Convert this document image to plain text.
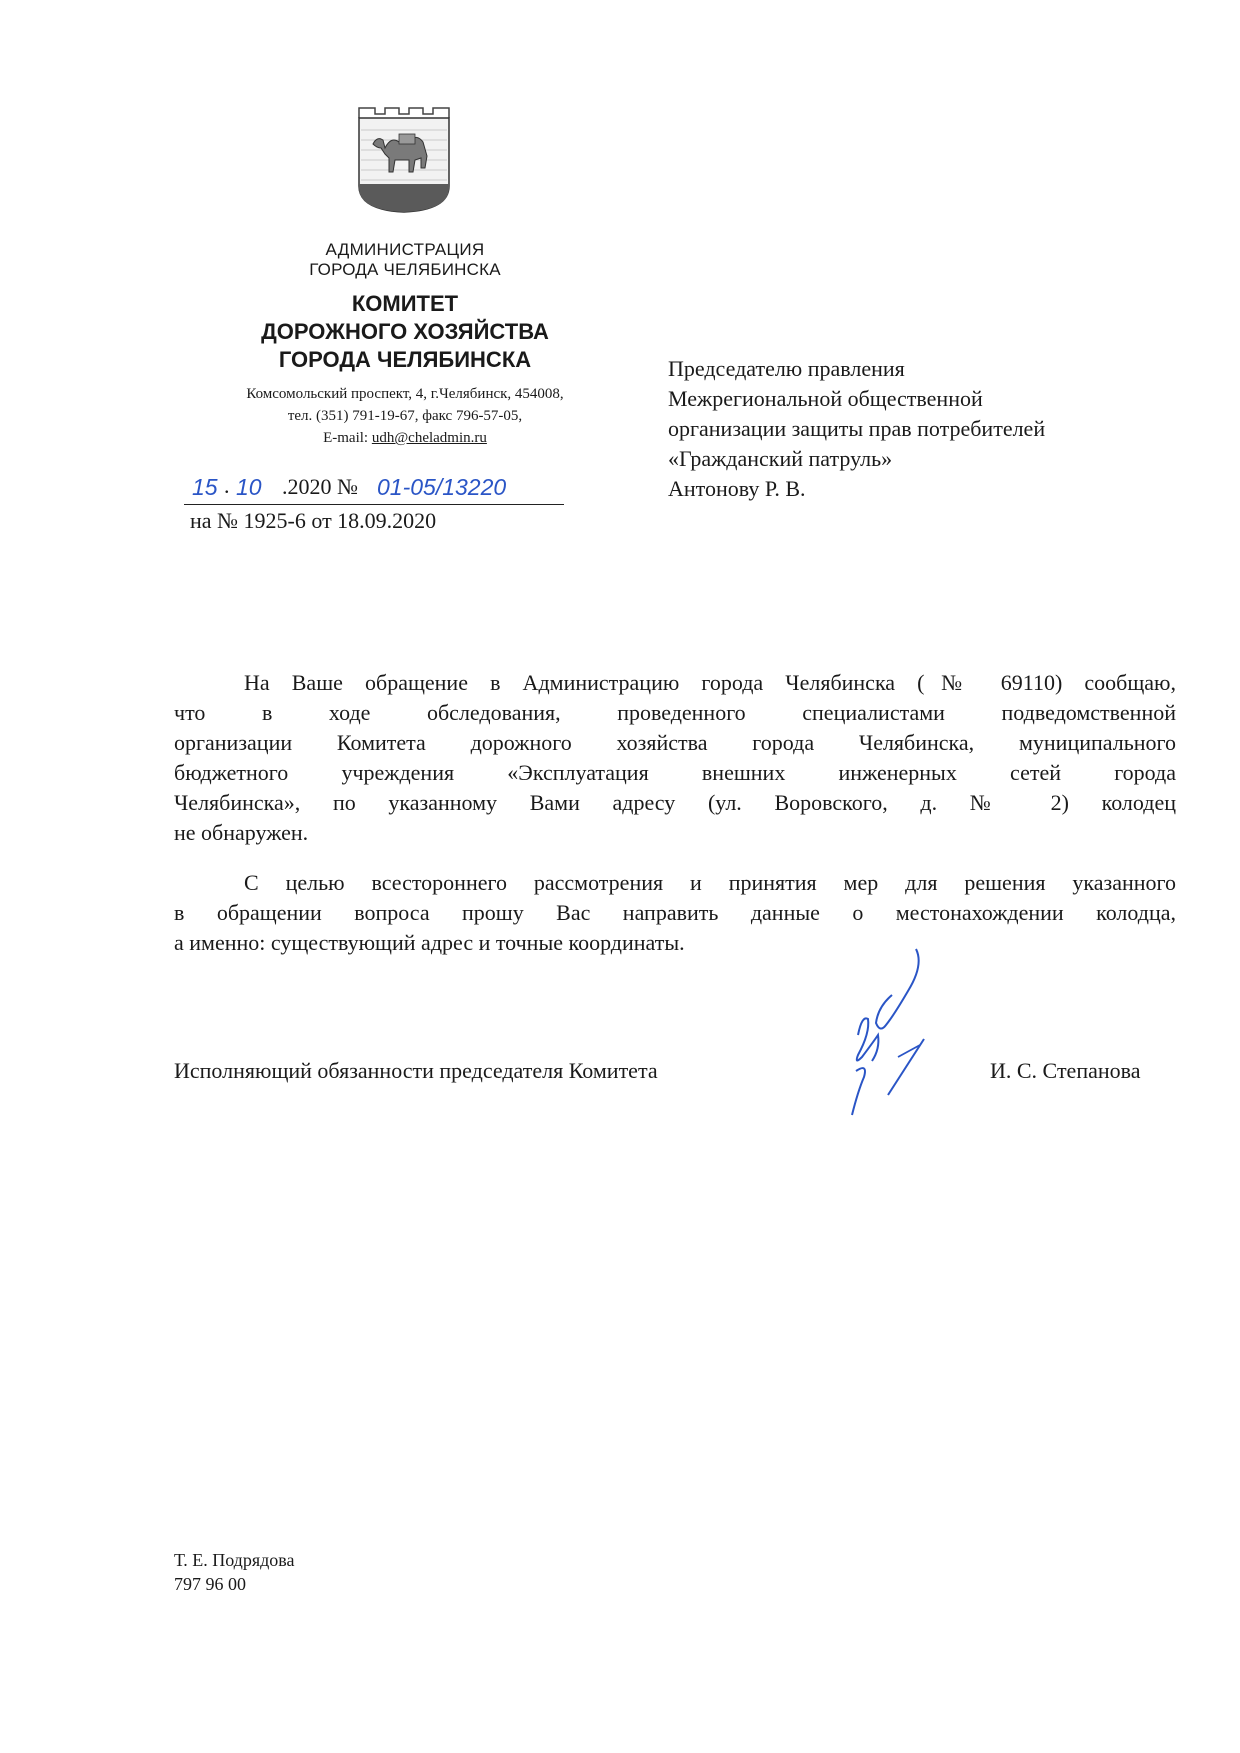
АДМИНИСТРАЦИЯ
ГОРОДА ЧЕЛЯБИНСКА
КОМИТЕТ
ДОРОЖНОГО ХОЗЯЙСТВА
ГОРОДА ЧЕЛЯБИНСКА
Комсомольский проспект, 4, г.Челябинск, 454008,
тел. (351) 791-19-67, факс 796-57-05,
E-mail: udh@cheladmin.ru
15 . 10 .2020 № 01-05/13220
на № 1925-6 от 18.09.2020
Председателю правления
Межрегиональной общественной
организации защиты прав потребителей
«Гражданский патруль»
Антонову Р. В.
На Ваше обращение в Администрацию города Челябинска (№ 69110) сообщаю,
что в ходе обследования, проведенного специалистами подведомственной
организации Комитета дорожного хозяйства города Челябинска, муниципального
бюджетного учреждения «Эксплуатация внешних инженерных сетей города
Челябинска», по указанному Вами адресу (ул. Воровского, д. № 2) колодец
не обнаружен.
С целью всестороннего рассмотрения и принятия мер для решения указанного
в обращении вопроса прошу Вас направить данные о местонахождении колодца,
а именно: существующий адрес и точные координаты.
Исполняющий обязанности председателя Комитета	И. С. Степанова
Т. Е. Подрядова
797 96 00
